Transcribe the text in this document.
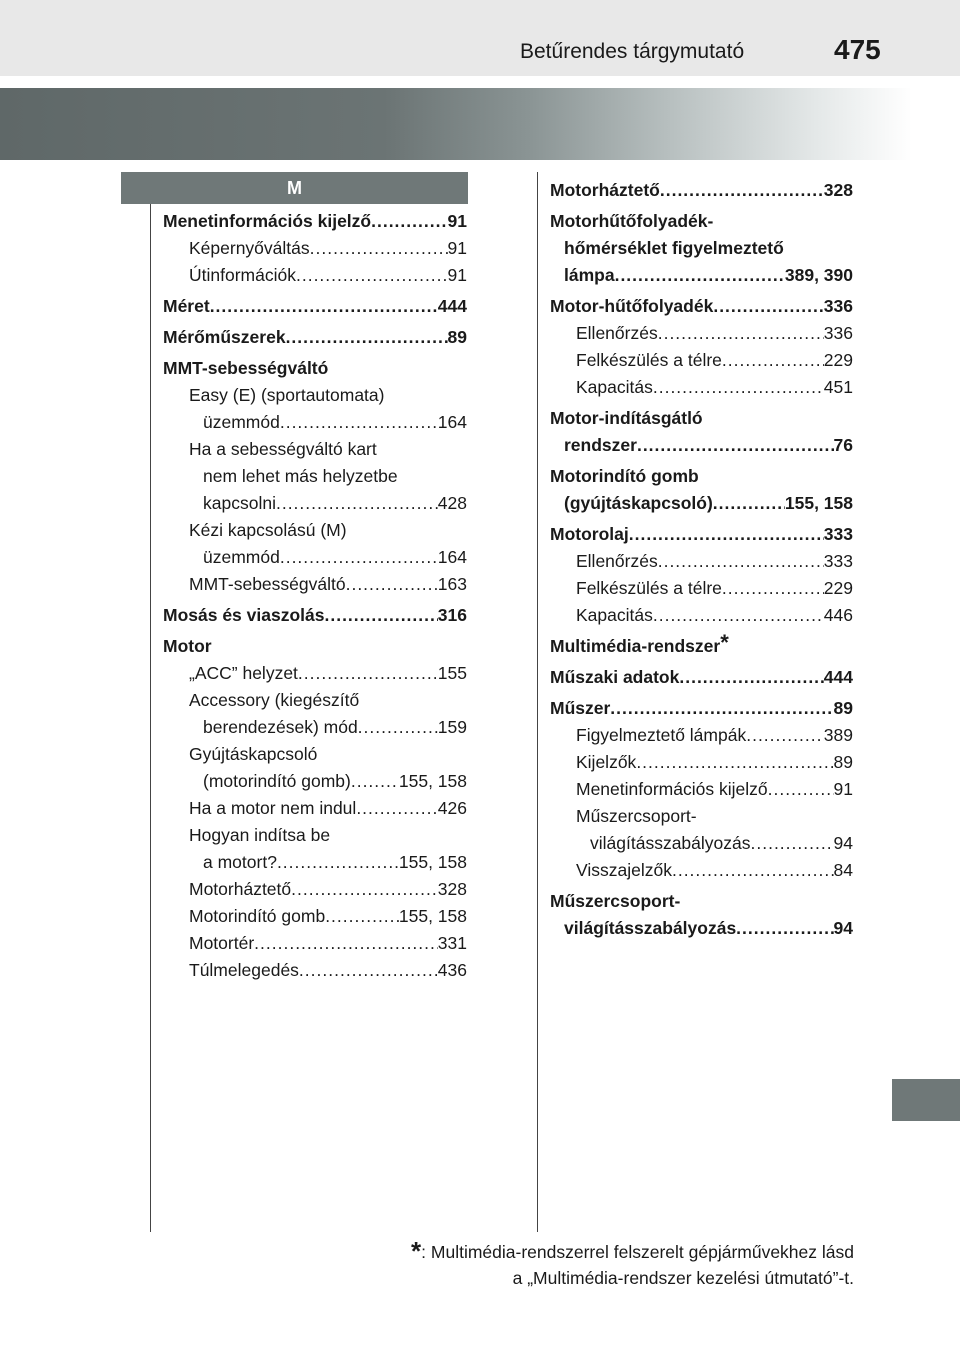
Betűrendes tárgymutató	475
M
Menetinformációs kijelző .....	91
Képernyőváltás .....	91
Útinformációk .....	91
Méret .....	444
Mérőműszerek .....	89
MMT-sebességváltó
Easy (E) (sportautomata)
üzemmód .....	164
Ha a sebességváltó kart
nem lehet más helyzetbe
kapcsolni .....	428
Kézi kapcsolású (M)
üzemmód .....	164
MMT-sebességváltó .....	163
Mosás és viaszolás .....	316
Motor
„ACC” helyzet .....	155
Accessory (kiegészítő
berendezések) mód .....	159
Gyújtáskapcsoló
(motorindító gomb) .....	155, 158
Ha a motor nem indul .....	426
Hogyan indítsa be
a motort? .....	155, 158
Motorháztető .....	328
Motorindító gomb .....	155, 158
Motortér .....	331
Túlmelegedés .....	436
Motorháztető .....	328
Motorhűtőfolyadék-
hőmérséklet figyelmeztető
lámpa .....	389, 390
Motor-hűtőfolyadék .....	336
Ellenőrzés .....	336
Felkészülés a télre .....	229
Kapacitás .....	451
Motor-indításgátló
rendszer .....	76
Motorindító gomb
(gyújtáskapcsoló) .....	155, 158
Motorolaj .....	333
Ellenőrzés .....	333
Felkészülés a télre .....	229
Kapacitás .....	446
Multimédia-rendszer *
Műszaki adatok .....	444
Műszer .....	89
Figyelmeztető lámpák .....	389
Kijelzők .....	89
Menetinformációs kijelző .....	91
Műszercsoport-
világításszabályozás .....	94
Visszajelzők .....	84
Műszercsoport-
világításszabályozás .....	94
*: Multimédia-rendszerrel felszerelt gépjárművekhez lásd
a „Multimédia-rendszer kezelési útmutató”-t.
